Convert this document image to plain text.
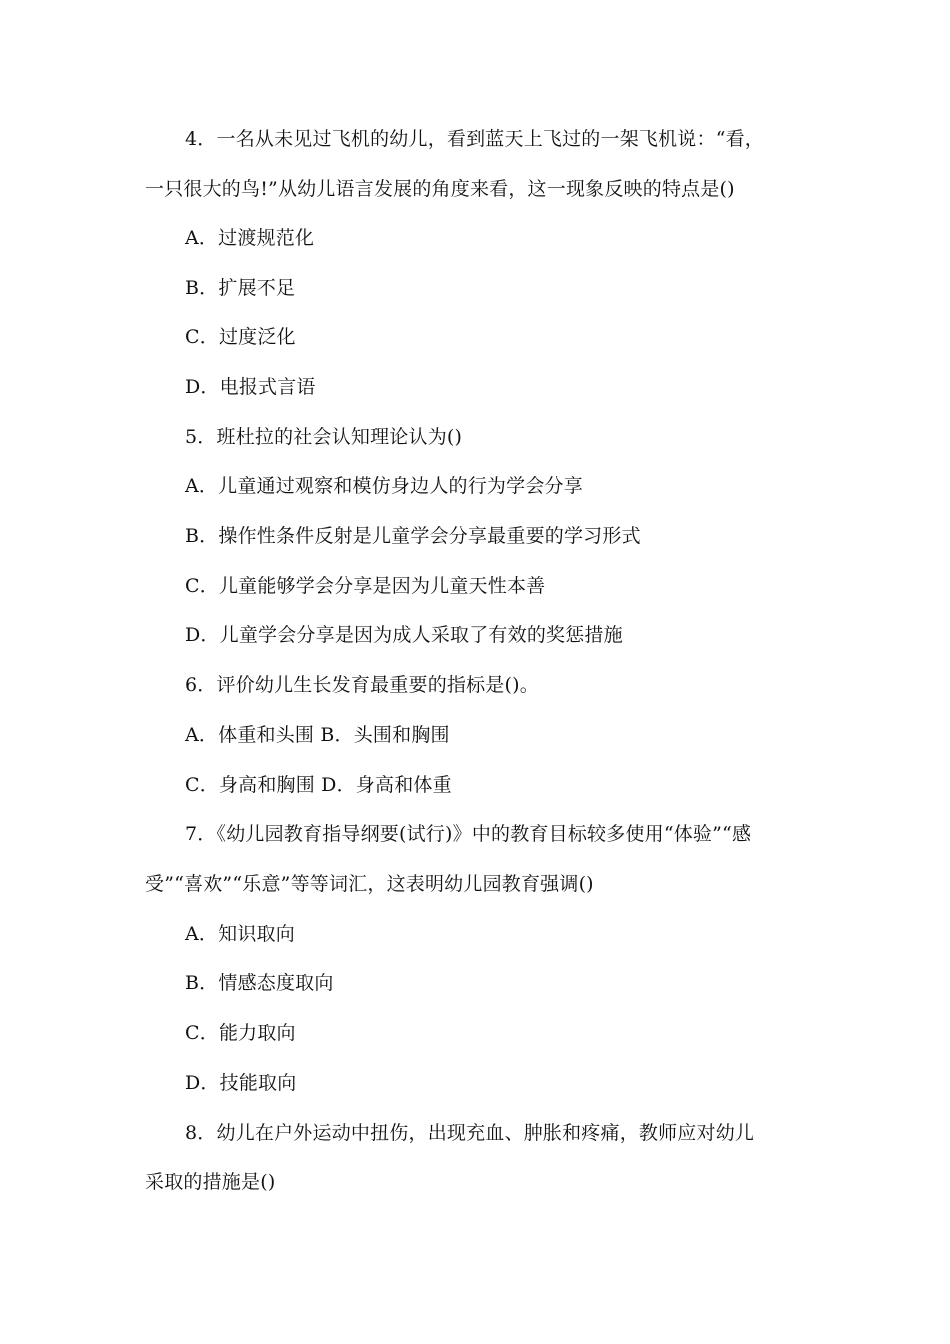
4．一名从未见过飞机的幼儿，看到蓝天上飞过的一架飞机说：“看，
一只很大的鸟!”从幼儿语言发展的角度来看，这一现象反映的特点是()
A．过渡规范化
B．扩展不足
C．过度泛化
D．电报式言语
5．班杜拉的社会认知理论认为()
A．儿童通过观察和模仿身边人的行为学会分享
B．操作性条件反射是儿童学会分享最重要的学习形式
C．儿童能够学会分享是因为儿童天性本善
D．儿童学会分享是因为成人采取了有效的奖惩措施
6．评价幼儿生长发育最重要的指标是()。
A．体重和头围 B．头围和胸围
C．身高和胸围 D．身高和体重
7．《幼儿园教育指导纲要(试行)》中的教育目标较多使用“体验”“感
受”“喜欢”“乐意”等等词汇，这表明幼儿园教育强调()
A．知识取向
B．情感态度取向
C．能力取向
D．技能取向
8．幼儿在户外运动中扭伤，出现充血、肿胀和疼痛，教师应对幼儿
采取的措施是()
